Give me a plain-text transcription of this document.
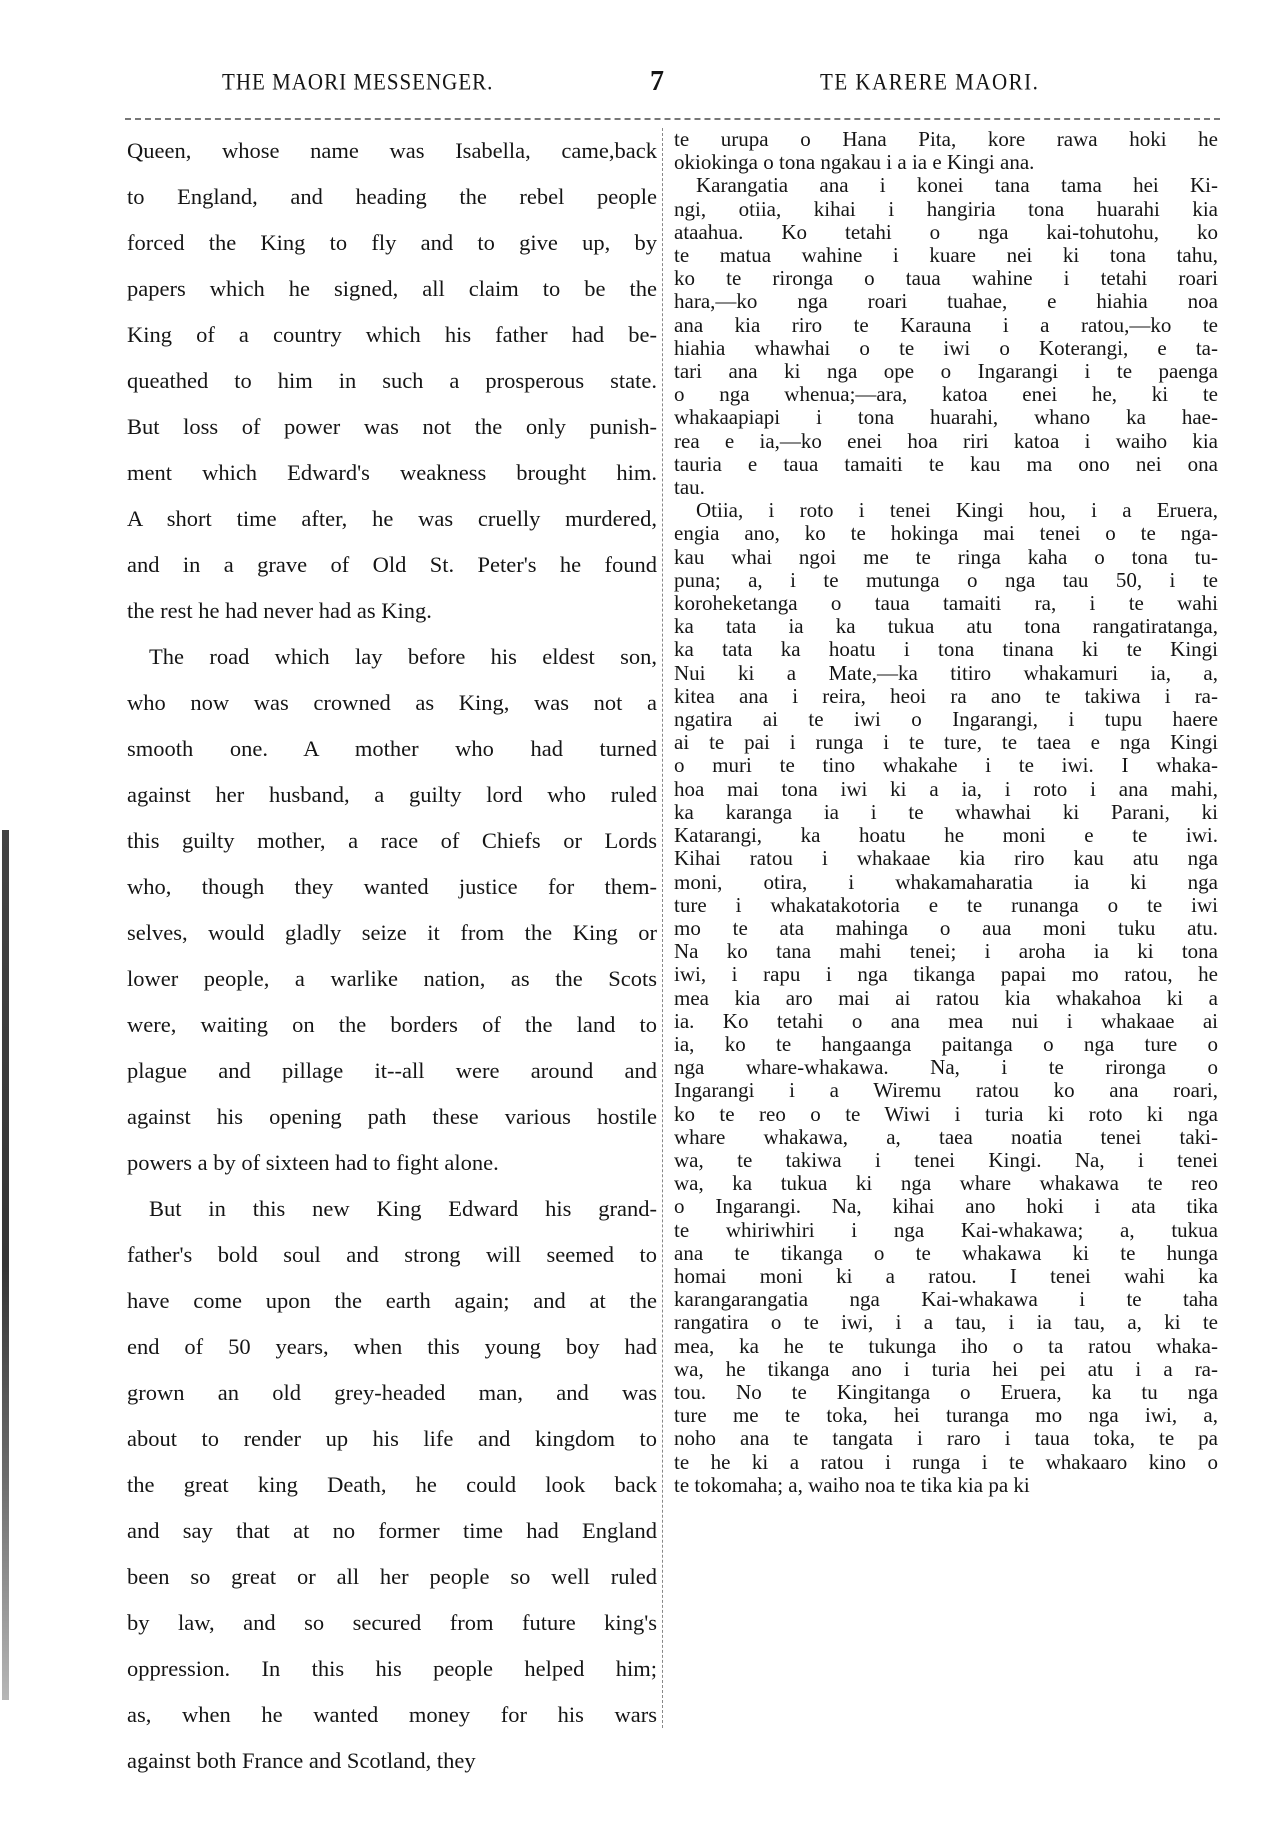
THE MAORI MESSENGER.	7	TE KARERE MAORI.
Queen, whose name was Isabella, came,back
to England, and heading the rebel people
forced the King to fly and to give up, by
papers which he signed, all claim to be the
King of a country which his father had be-
queathed to him in such a prosperous state.
But loss of power was not the only punish-
ment which Edward's weakness brought him.
A short time after, he was cruelly murdered,
and in a grave of Old St. Peter's he found
the rest he had never had as King.
The road which lay before his eldest son,
who now was crowned as King, was not a
smooth one. A mother who had turned
against her husband, a guilty lord who ruled
this guilty mother, a race of Chiefs or Lords
who, though they wanted justice for them-
selves, would gladly seize it from the King or
lower people, a warlike nation, as the Scots
were, waiting on the borders of the land to
plague and pillage it--all were around and
against his opening path these various hostile
powers a by of sixteen had to fight alone.
But in this new King Edward his grand-
father's bold soul and strong will seemed to
have come upon the earth again; and at the
end of 50 years, when this young boy had
grown an old grey-headed man, and was
about to render up his life and kingdom to
the great king Death, he could look back
and say that at no former time had England
been so great or all her people so well ruled
by law, and so secured from future king's
oppression. In this his people helped him;
as, when he wanted money for his wars
against both France and Scotland, they
te urupa o Hana Pita, kore rawa hoki he
okiokinga o tona ngakau i a ia e Kingi ana.
Karangatia ana i konei tana tama hei Ki-
ngi, otiia, kihai i hangiria tona huarahi kia
ataahua. Ko tetahi o nga kai-tohutohu, ko
te matua wahine i kuare nei ki tona tahu,
ko te rironga o taua wahine i tetahi roari
hara,—ko nga roari tuahae, e hiahia noa
ana kia riro te Karauna i a ratou,—ko te
hiahia whawhai o te iwi o Koterangi, e ta-
tari ana ki nga ope o Ingarangi i te paenga
o nga whenua;—ara, katoa enei he, ki te
whakaapiapi i tona huarahi, whano ka hae-
rea e ia,—ko enei hoa riri katoa i waiho kia
tauria e taua tamaiti te kau ma ono nei ona
tau.
Otiia, i roto i tenei Kingi hou, i a Eruera,
engia ano, ko te hokinga mai tenei o te nga-
kau whai ngoi me te ringa kaha o tona tu-
puna; a, i te mutunga o nga tau 50, i te
koroheketanga o taua tamaiti ra, i te wahi
ka tata ia ka tukua atu tona rangatiratanga,
ka tata ka hoatu i tona tinana ki te Kingi
Nui ki a Mate,—ka titiro whakamuri ia, a,
kitea ana i reira, heoi ra ano te takiwa i ra-
ngatira ai te iwi o Ingarangi, i tupu haere
ai te pai i runga i te ture, te taea e nga Kingi
o muri te tino whakahe i te iwi. I whaka-
hoa mai tona iwi ki a ia, i roto i ana mahi,
ka karanga ia i te whawhai ki Parani, ki
Katarangi, ka hoatu he moni e te iwi.
Kihai ratou i whakaae kia riro kau atu nga
moni, otira, i whakamaharatia ia ki nga
ture i whakatakotoria e te runanga o te iwi
mo te ata mahinga o aua moni tuku atu.
Na ko tana mahi tenei; i aroha ia ki tona
iwi, i rapu i nga tikanga papai mo ratou, he
mea kia aro mai ai ratou kia whakahoa ki a
ia. Ko tetahi o ana mea nui i whakaae ai
ia, ko te hangaanga paitanga o nga ture o
nga whare-whakawa. Na, i te rironga o
Ingarangi i a Wiremu ratou ko ana roari,
ko te reo o te Wiwi i turia ki roto ki nga
whare whakawa, a, taea noatia tenei taki-
wa, te takiwa i tenei Kingi. Na, i tenei
wa, ka tukua ki nga whare whakawa te reo
o Ingarangi. Na, kihai ano hoki i ata tika
te whiriwhiri i nga Kai-whakawa; a, tukua
ana te tikanga o te whakawa ki te hunga
homai moni ki a ratou. I tenei wahi ka
karangarangatia nga Kai-whakawa i te taha
rangatira o te iwi, i a tau, i ia tau, a, ki te
mea, ka he te tukunga iho o ta ratou whaka-
wa, he tikanga ano i turia hei pei atu i a ra-
tou. No te Kingitanga o Eruera, ka tu nga
ture me te toka, hei turanga mo nga iwi, a,
noho ana te tangata i raro i taua toka, te pa
te he ki a ratou i runga i te whakaaro kino o
te tokomaha; a, waiho noa te tika kia pa ki
